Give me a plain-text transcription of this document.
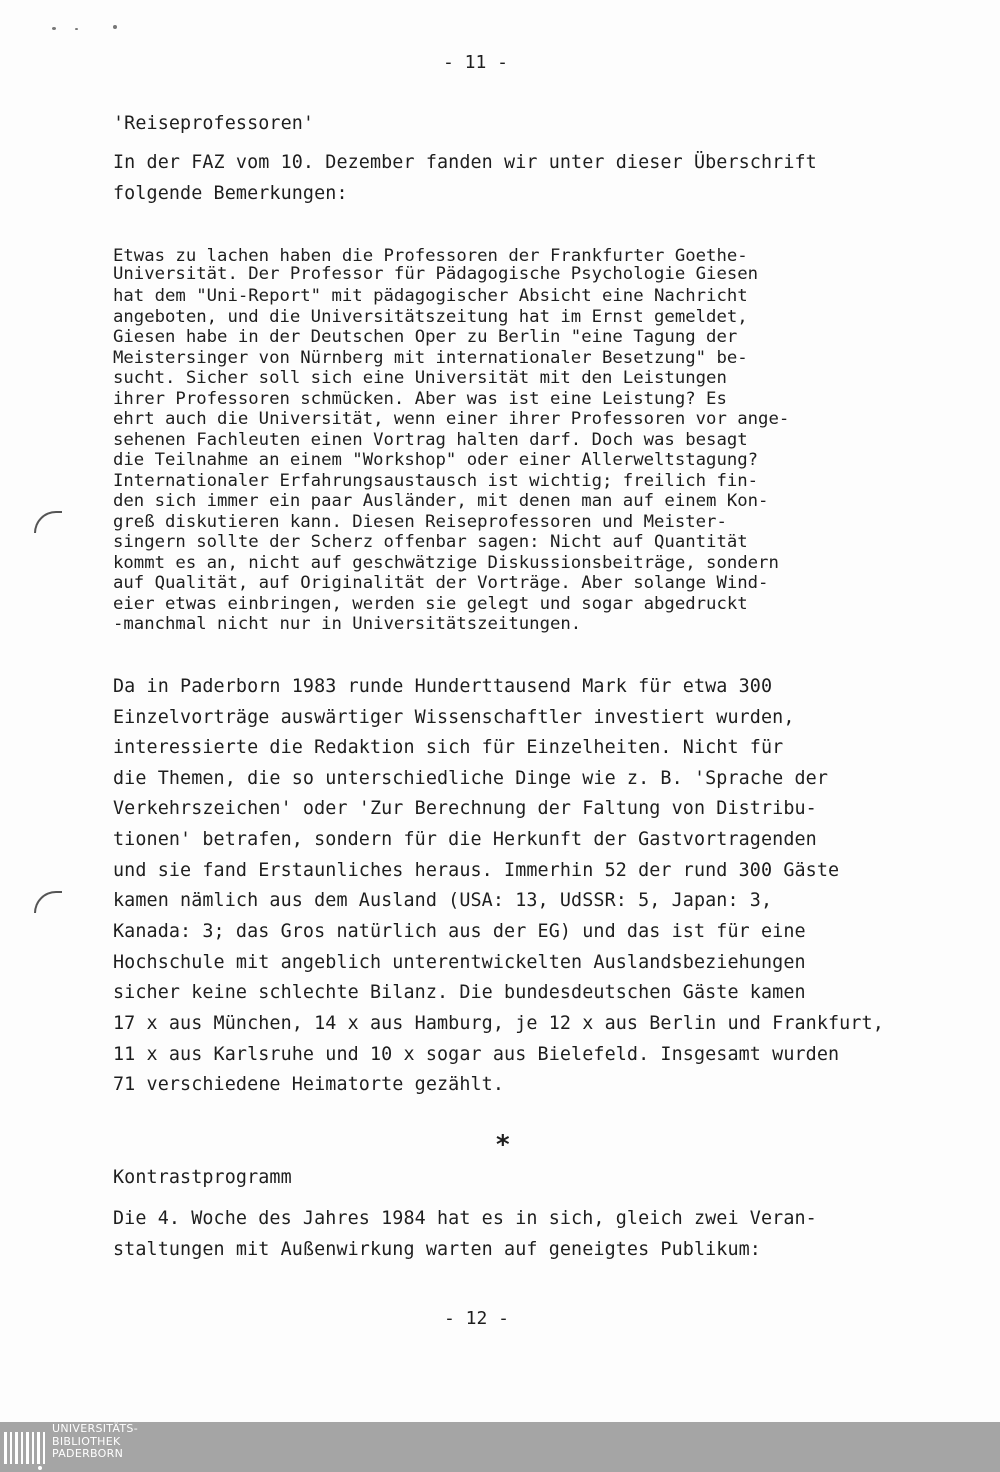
- 11 -
'Reiseprofessoren'
In der FAZ vom 10. Dezember fanden wir unter dieser Überschrift
folgende Bemerkungen:
Etwas zu lachen haben die Professoren der Frankfurter Goethe-
Universität. Der Professor für Pädagogische Psychologie Giesen
hat dem "Uni-Report" mit pädagogischer Absicht eine Nachricht
angeboten, und die Universitätszeitung hat im Ernst gemeldet,
Giesen habe in der Deutschen Oper zu Berlin "eine Tagung der
Meistersinger von Nürnberg mit internationaler Besetzung" be-
sucht. Sicher soll sich eine Universität mit den Leistungen
ihrer Professoren schmücken. Aber was ist eine Leistung? Es
ehrt auch die Universität, wenn einer ihrer Professoren vor ange-
sehenen Fachleuten einen Vortrag halten darf. Doch was besagt
die Teilnahme an einem "Workshop" oder einer Allerweltstagung?
Internationaler Erfahrungsaustausch ist wichtig; freilich fin-
den sich immer ein paar Ausländer, mit denen man auf einem Kon-
greß diskutieren kann. Diesen Reiseprofessoren und Meister-
singern sollte der Scherz offenbar sagen: Nicht auf Quantität
kommt es an, nicht auf geschwätzige Diskussionsbeiträge, sondern
auf Qualität, auf Originalität der Vorträge. Aber solange Wind-
eier etwas einbringen, werden sie gelegt und sogar abgedruckt
-manchmal nicht nur in Universitätszeitungen.
Da in Paderborn 1983 runde Hunderttausend Mark für etwa 300
Einzelvorträge auswärtiger Wissenschaftler investiert wurden,
interessierte die Redaktion sich für Einzelheiten. Nicht für
die Themen, die so unterschiedliche Dinge wie z. B. 'Sprache der
Verkehrszeichen' oder 'Zur Berechnung der Faltung von Distribu-
tionen' betrafen, sondern für die Herkunft der Gastvortragenden
und sie fand Erstaunliches heraus. Immerhin 52 der rund 300 Gäste
kamen nämlich aus dem Ausland (USA: 13, UdSSR: 5, Japan: 3,
Kanada: 3; das Gros natürlich aus der EG) und das ist für eine
Hochschule mit angeblich unterentwickelten Auslandsbeziehungen
sicher keine schlechte Bilanz. Die bundesdeutschen Gäste kamen
17 x aus München, 14 x aus Hamburg, je 12 x aus Berlin und Frankfurt,
11 x aus Karlsruhe und 10 x sogar aus Bielefeld. Insgesamt wurden
71 verschiedene Heimatorte gezählt.
*
Kontrastprogramm
Die 4. Woche des Jahres 1984 hat es in sich, gleich zwei Veran-
staltungen mit Außenwirkung warten auf geneigtes Publikum:
- 12 -
UNIVERSITÄTS-
BIBLIOTHEK
PADERBORN
